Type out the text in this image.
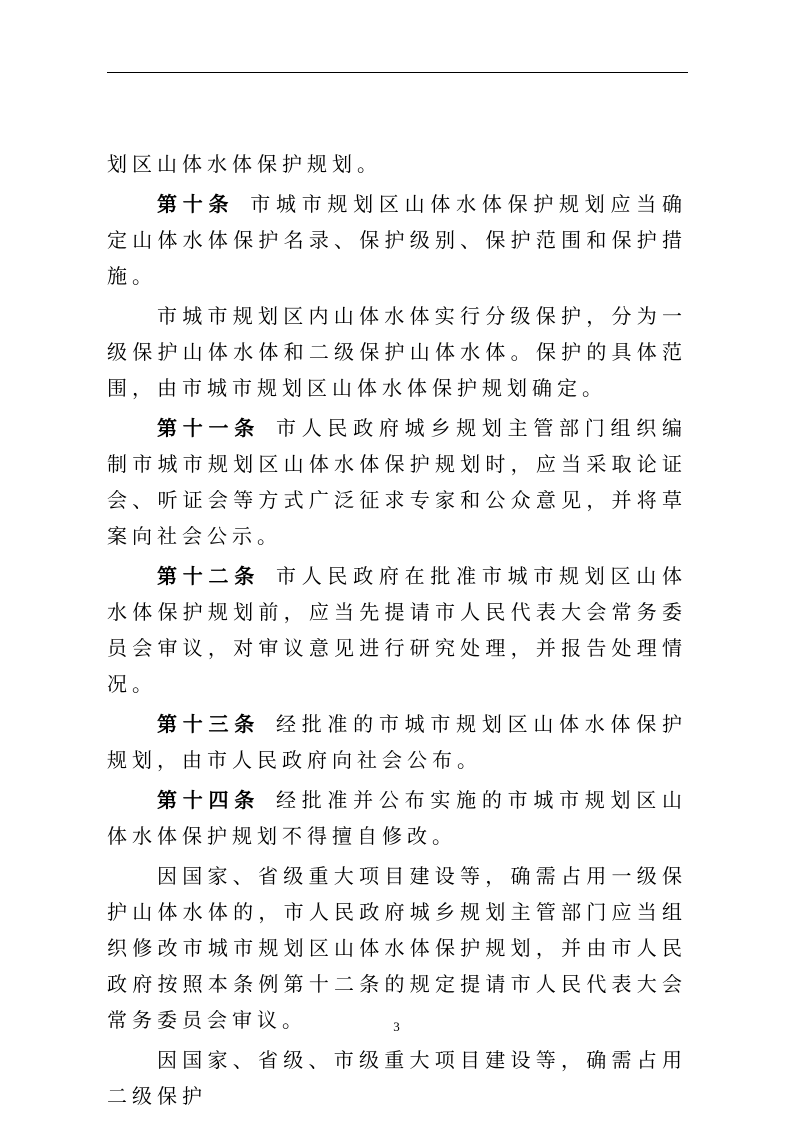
划区山体水体保护规划。

第十条 市城市规划区山体水体保护规划应当确定山体水体保护名录、保护级别、保护范围和保护措施。

市城市规划区内山体水体实行分级保护，分为一级保护山体水体和二级保护山体水体。保护的具体范围，由市城市规划区山体水体保护规划确定。

第十一条 市人民政府城乡规划主管部门组织编制市城市规划区山体水体保护规划时，应当采取论证会、听证会等方式广泛征求专家和公众意见，并将草案向社会公示。

第十二条 市人民政府在批准市城市规划区山体水体保护规划前，应当先提请市人民代表大会常务委员会审议，对审议意见进行研究处理，并报告处理情况。

第十三条 经批准的市城市规划区山体水体保护规划，由市人民政府向社会公布。

第十四条 经批准并公布实施的市城市规划区山体水体保护规划不得擅自修改。

因国家、省级重大项目建设等，确需占用一级保护山体水体的，市人民政府城乡规划主管部门应当组织修改市城市规划区山体水体保护规划，并由市人民政府按照本条例第十二条的规定提请市人民代表大会常务委员会审议。

因国家、省级、市级重大项目建设等，确需占用二级保护

3
